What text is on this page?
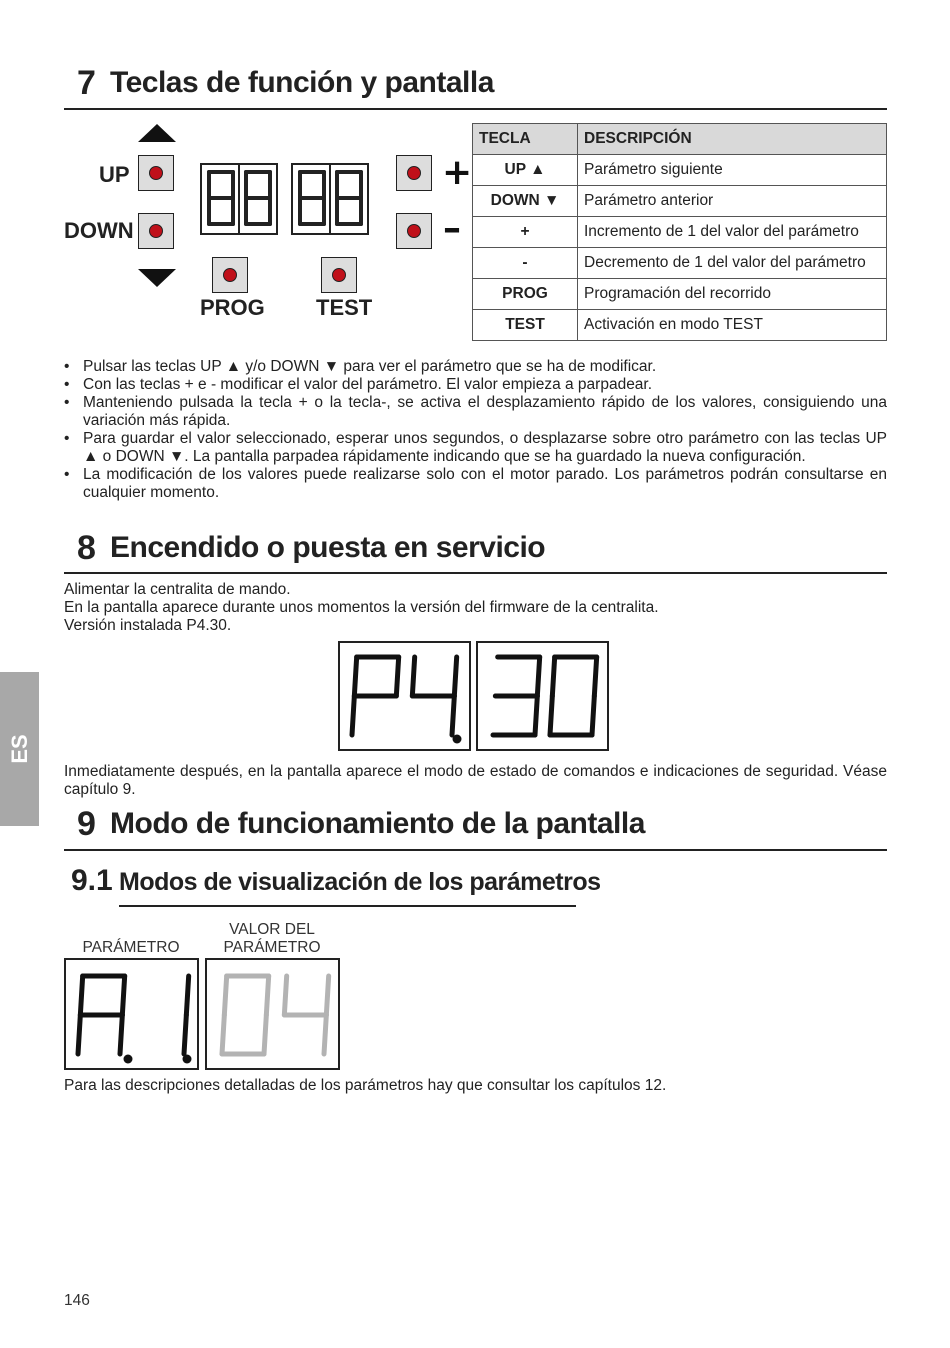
ES
7 Teclas de función y pantalla
UP
DOWN
PROG TEST
+
–
TECLA	DESCRIPCIÓN
UP ▲	Parámetro siguiente
DOWN ▼	Parámetro anterior
+	Incremento de 1 del valor del parámetro
-	Decremento de 1 del valor del parámetro
PROG	Programación del recorrido
TEST	Activación en modo TEST
• Pulsar las teclas UP ▲ y/o DOWN ▼ para ver el parámetro que se ha de modificar.
• Con las teclas + e - modificar el valor del parámetro. El valor empieza a parpadear.
• Manteniendo pulsada la tecla + o la tecla-, se activa el desplazamiento rápido de los valores, consiguiendo una variación más rápida.
• Para guardar el valor seleccionado, esperar unos segundos, o desplazarse sobre otro parámetro con las teclas UP ▲ o DOWN ▼. La pantalla parpadea rápidamente indicando que se ha guardado la nueva configuración.
• La modificación de los valores puede realizarse solo con el motor parado. Los parámetros podrán consultarse en cualquier momento.
8 Encendido o puesta en servicio
Alimentar la centralita de mando.
En la pantalla aparece durante unos momentos la versión del firmware de la centralita.
Versión instalada P4.30.
Inmediatamente después, en la pantalla aparece el modo de estado de comandos e indicaciones de seguridad. Véase capítulo 9.
9 Modo de funcionamiento de la pantalla
9.1 Modos de visualización de los parámetros
PARÁMETRO
VALOR DEL
PARÁMETRO
Para las descripciones detalladas de los parámetros hay que consultar los capítulos 12.
146
